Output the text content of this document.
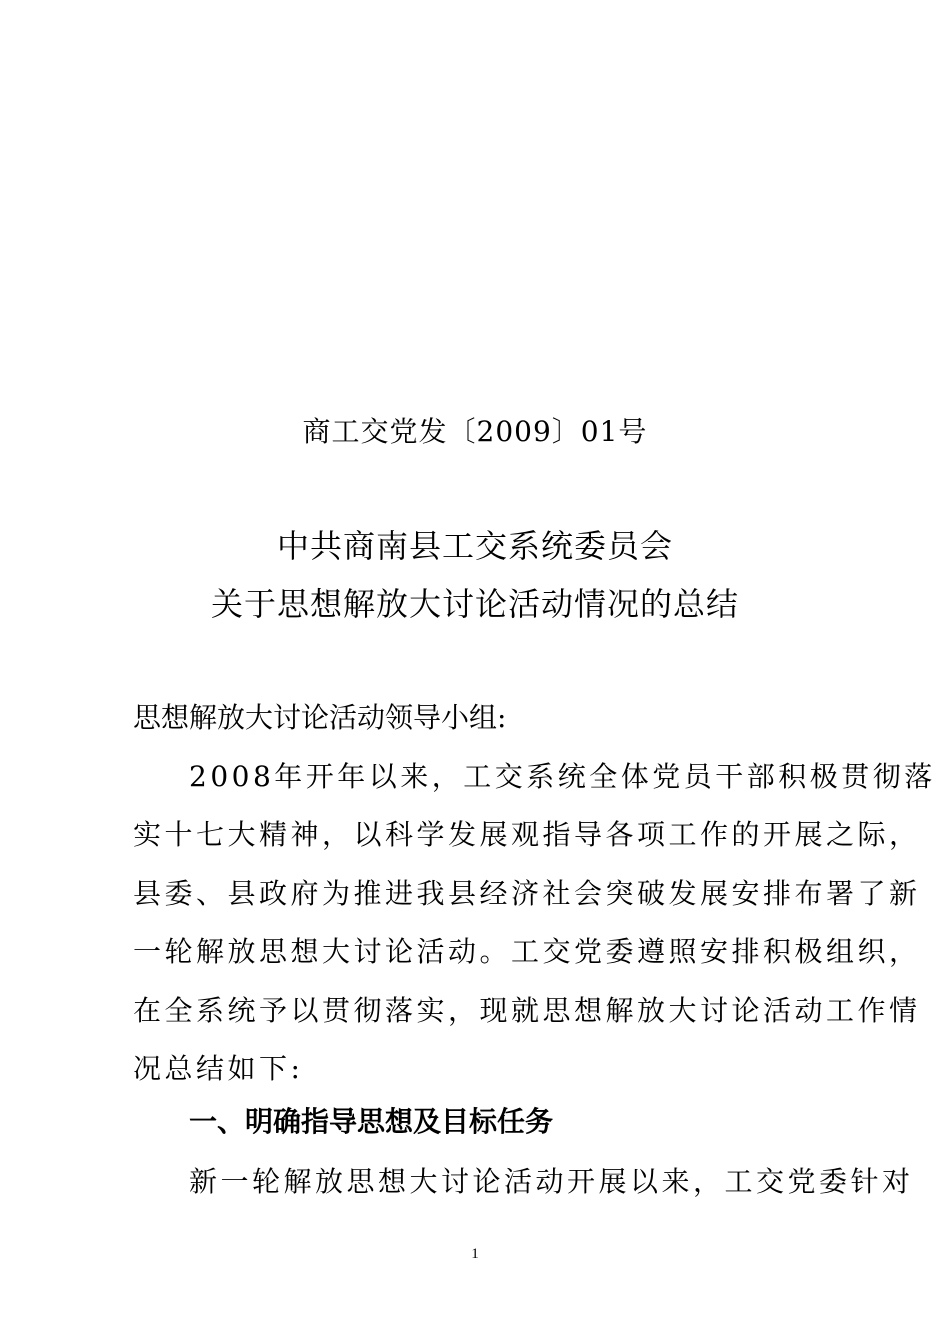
商工交党发〔2009〕01号
中共商南县工交系统委员会
关于思想解放大讨论活动情况的总结
思想解放大讨论活动领导小组:
2008年开年以来，工交系统全体党员干部积极贯彻落
实十七大精神，以科学发展观指导各项工作的开展之际，
县委、县政府为推进我县经济社会突破发展安排布署了新
一轮解放思想大讨论活动。工交党委遵照安排积极组织，
在全系统予以贯彻落实，现就思想解放大讨论活动工作情
况总结如下:
一、明确指导思想及目标任务
新一轮解放思想大讨论活动开展以来，工交党委针对
1
